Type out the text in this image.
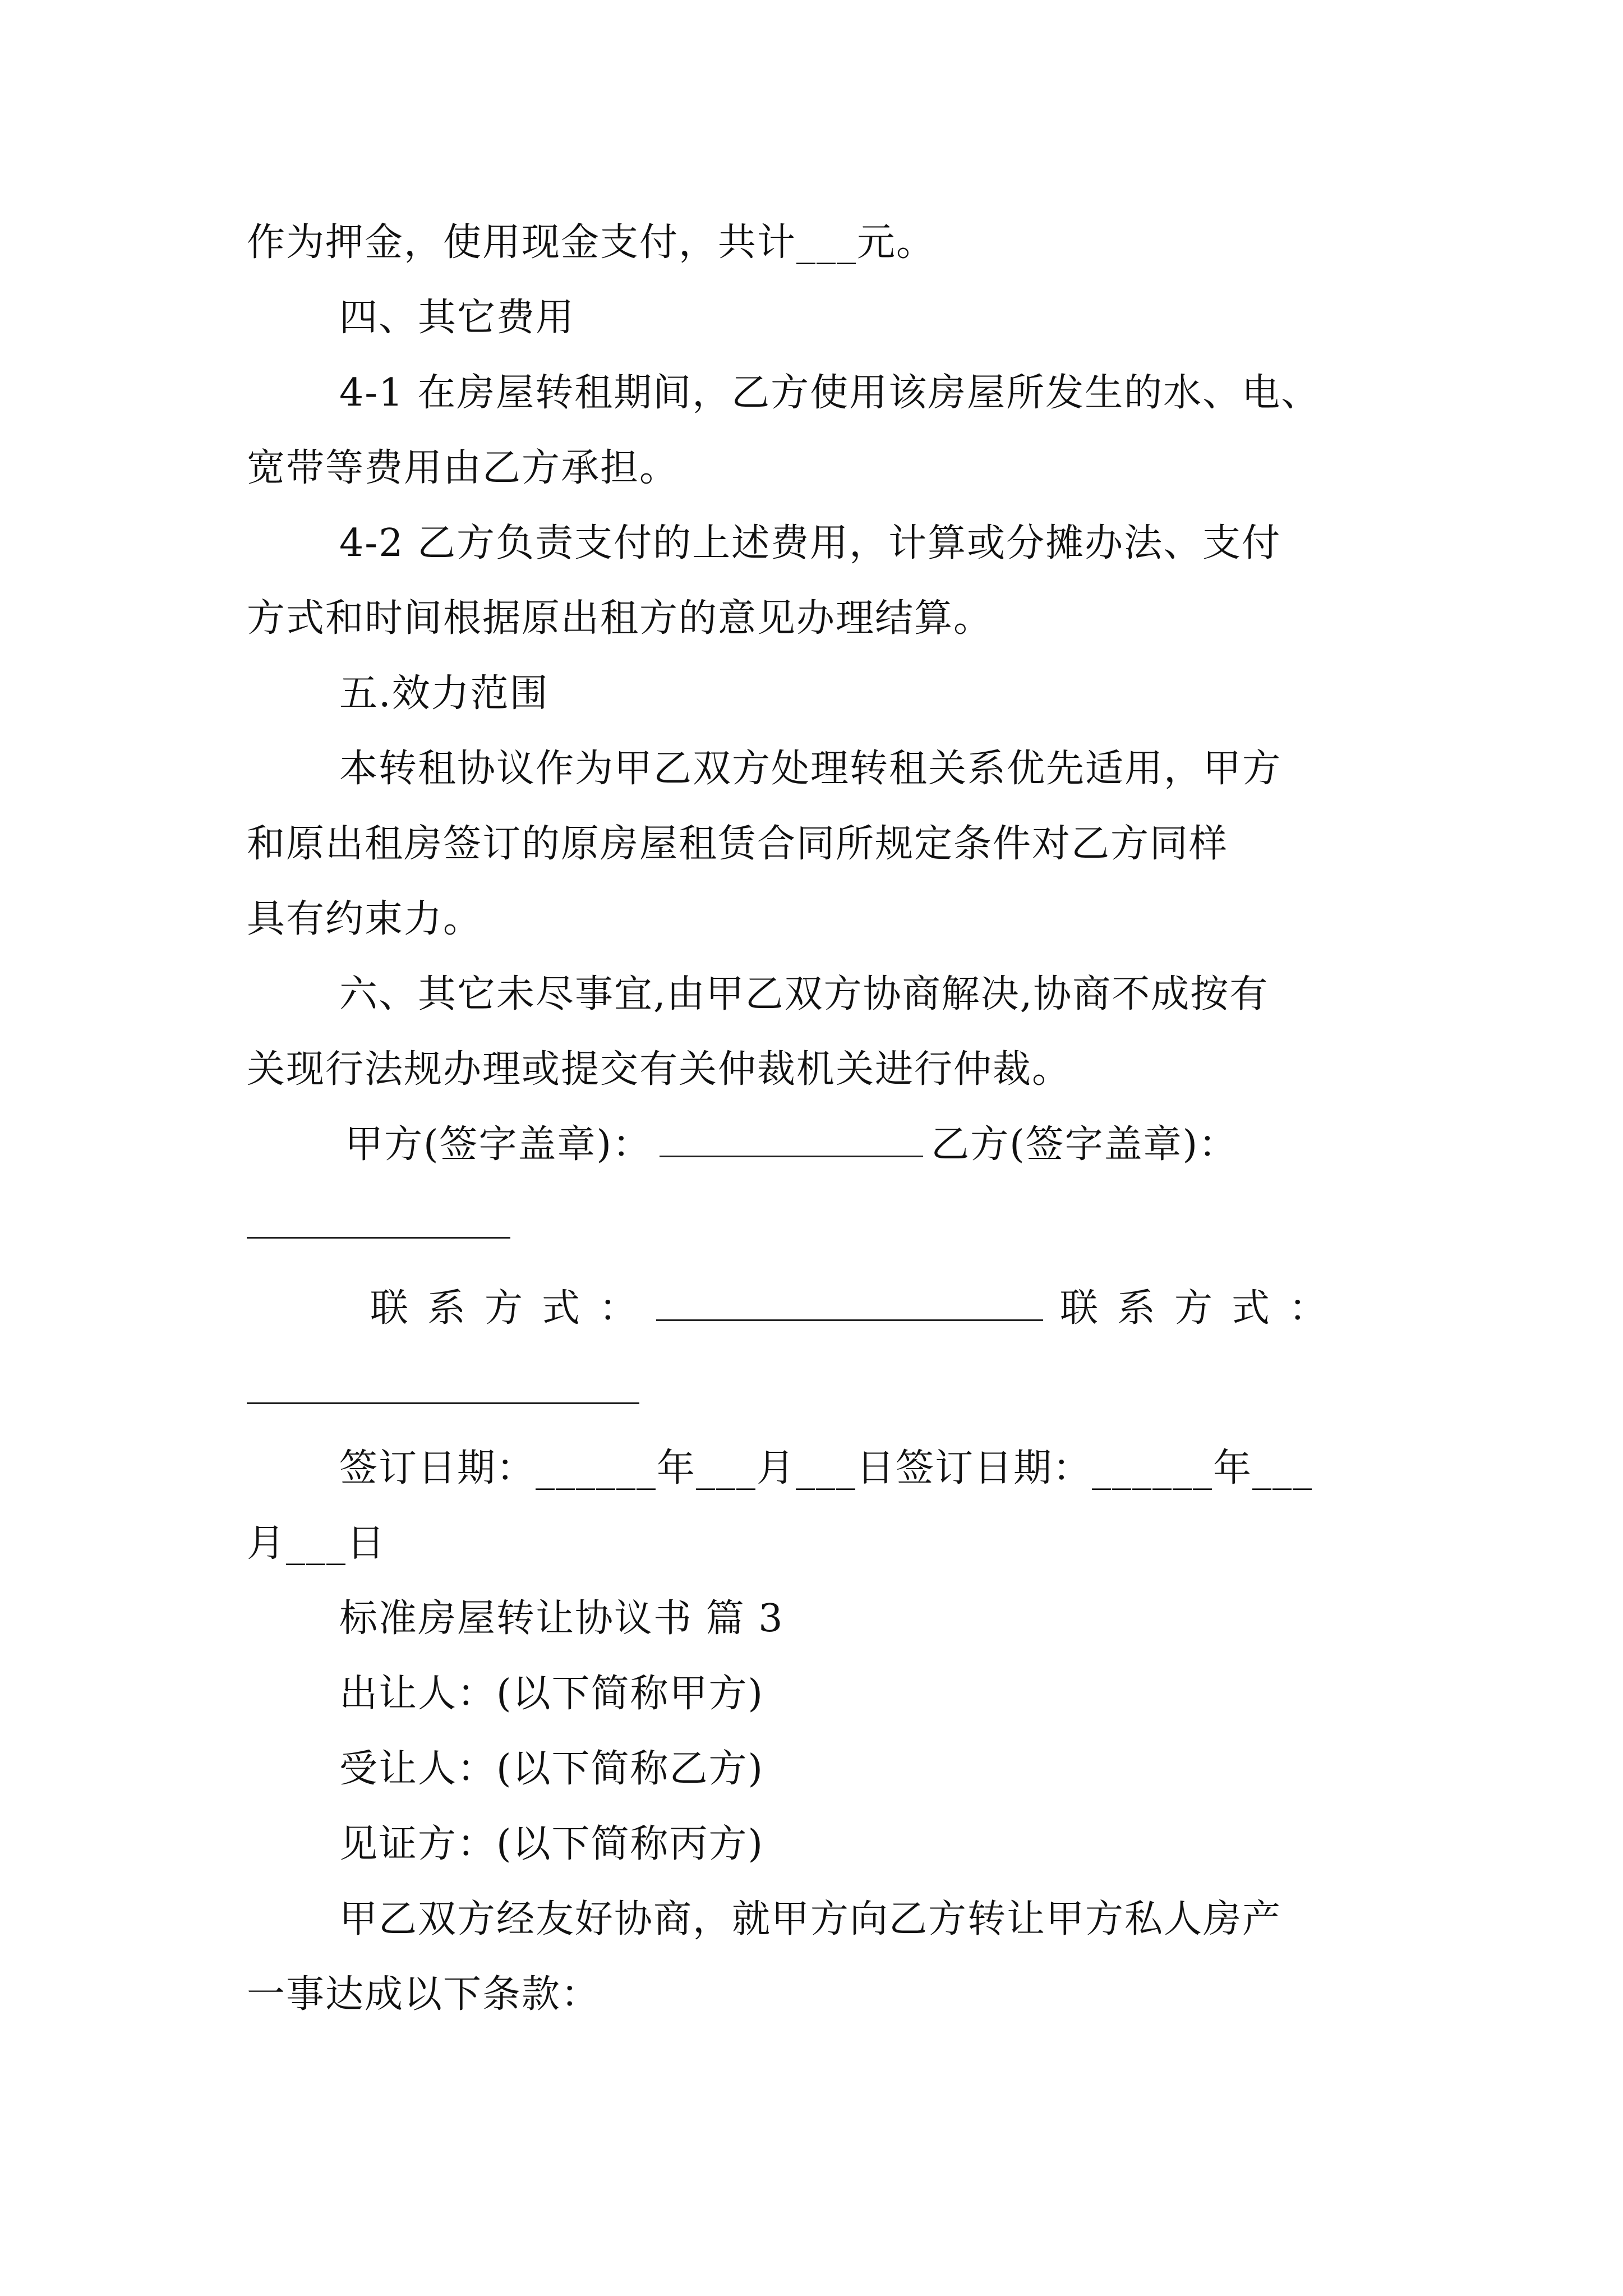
作为押金，使用现金支付，共计___元。
四、其它费用
4-1 在房屋转租期间，乙方使用该房屋所发生的水、电、
宽带等费用由乙方承担。
4-2 乙方负责支付的上述费用，计算或分摊办法、支付
方式和时间根据原出租方的意见办理结算。
五.效力范围
本转租协议作为甲乙双方处理转租关系优先适用，甲方
和原出租房签订的原房屋租赁合同所规定条件对乙方同样
具有约束力。
六、其它未尽事宜,由甲乙双方协商解决,协商不成按有
关现行法规办理或提交有关仲裁机关进行仲裁。
甲方(签字盖章)：	乙方(签字盖章)：
联系方式：	联系方式：
签订日期：______年___月___日签订日期：______年___
月___日
标准房屋转让协议书 篇 3
出让人：(以下简称甲方)
受让人：(以下简称乙方)
见证方：(以下简称丙方)
甲乙双方经友好协商，就甲方向乙方转让甲方私人房产
一事达成以下条款：
